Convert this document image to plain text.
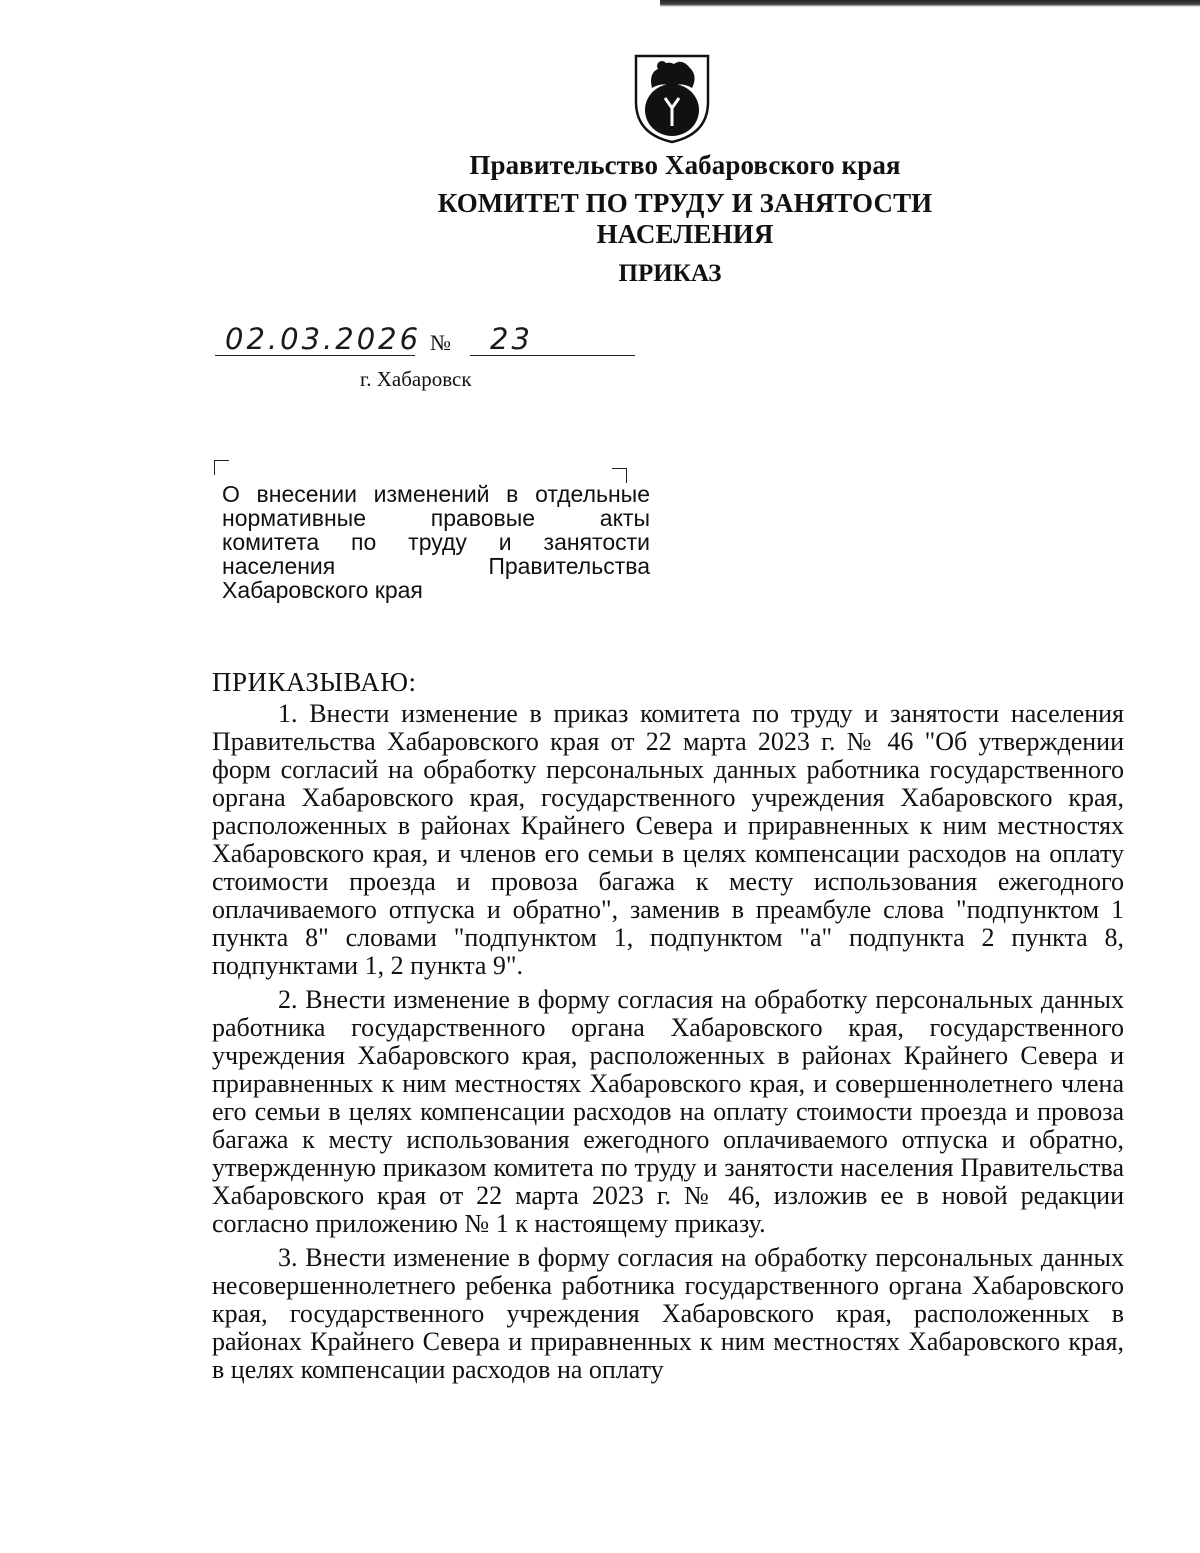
Правительство Хабаровского края
КОМИТЕТ ПО ТРУДУ И ЗАНЯТОСТИ НАСЕЛЕНИЯ
ПРИКАЗ
02.03.2026 № 23
г. Хабаровск
О внесении изменений в отдельные
нормативные правовые акты
комитета по труду и занятости
населения Правительства
Хабаровского края
ПРИКАЗЫВАЮ:

1. Внести изменение в приказ комитета по труду и занятости населения Правительства Хабаровского края от 22 марта 2023 г. № 46 "Об утверждении форм согласий на обработку персональных данных работника государственного органа Хабаровского края, государственного учреждения Хабаровского края, расположенных в районах Крайнего Севера и приравненных к ним местностях Хабаровского края, и членов его семьи в целях компенсации расходов на оплату стоимости проезда и провоза багажа к месту использования ежегодного оплачиваемого отпуска и обратно", заменив в преамбуле слова "подпунктом 1 пункта 8" словами "подпунктом 1, подпунктом "а" подпункта 2 пункта 8, подпунктами 1, 2 пункта 9".

2. Внести изменение в форму согласия на обработку персональных данных работника государственного органа Хабаровского края, государственного учреждения Хабаровского края, расположенных в районах Крайнего Севера и приравненных к ним местностях Хабаровского края, и совершеннолетнего члена его семьи в целях компенсации расходов на оплату стоимости проезда и провоза багажа к месту использования ежегодного оплачиваемого отпуска и обратно, утвержденную приказом комитета по труду и занятости населения Правительства Хабаровского края от 22 марта 2023 г. № 46, изложив ее в новой редакции согласно приложению № 1 к настоящему приказу.

3. Внести изменение в форму согласия на обработку персональных данных несовершеннолетнего ребенка работника государственного органа Хабаровского края, государственного учреждения Хабаровского края, расположенных в районах Крайнего Севера и приравненных к ним местностях Хабаровского края, в целях компенсации расходов на оплату
